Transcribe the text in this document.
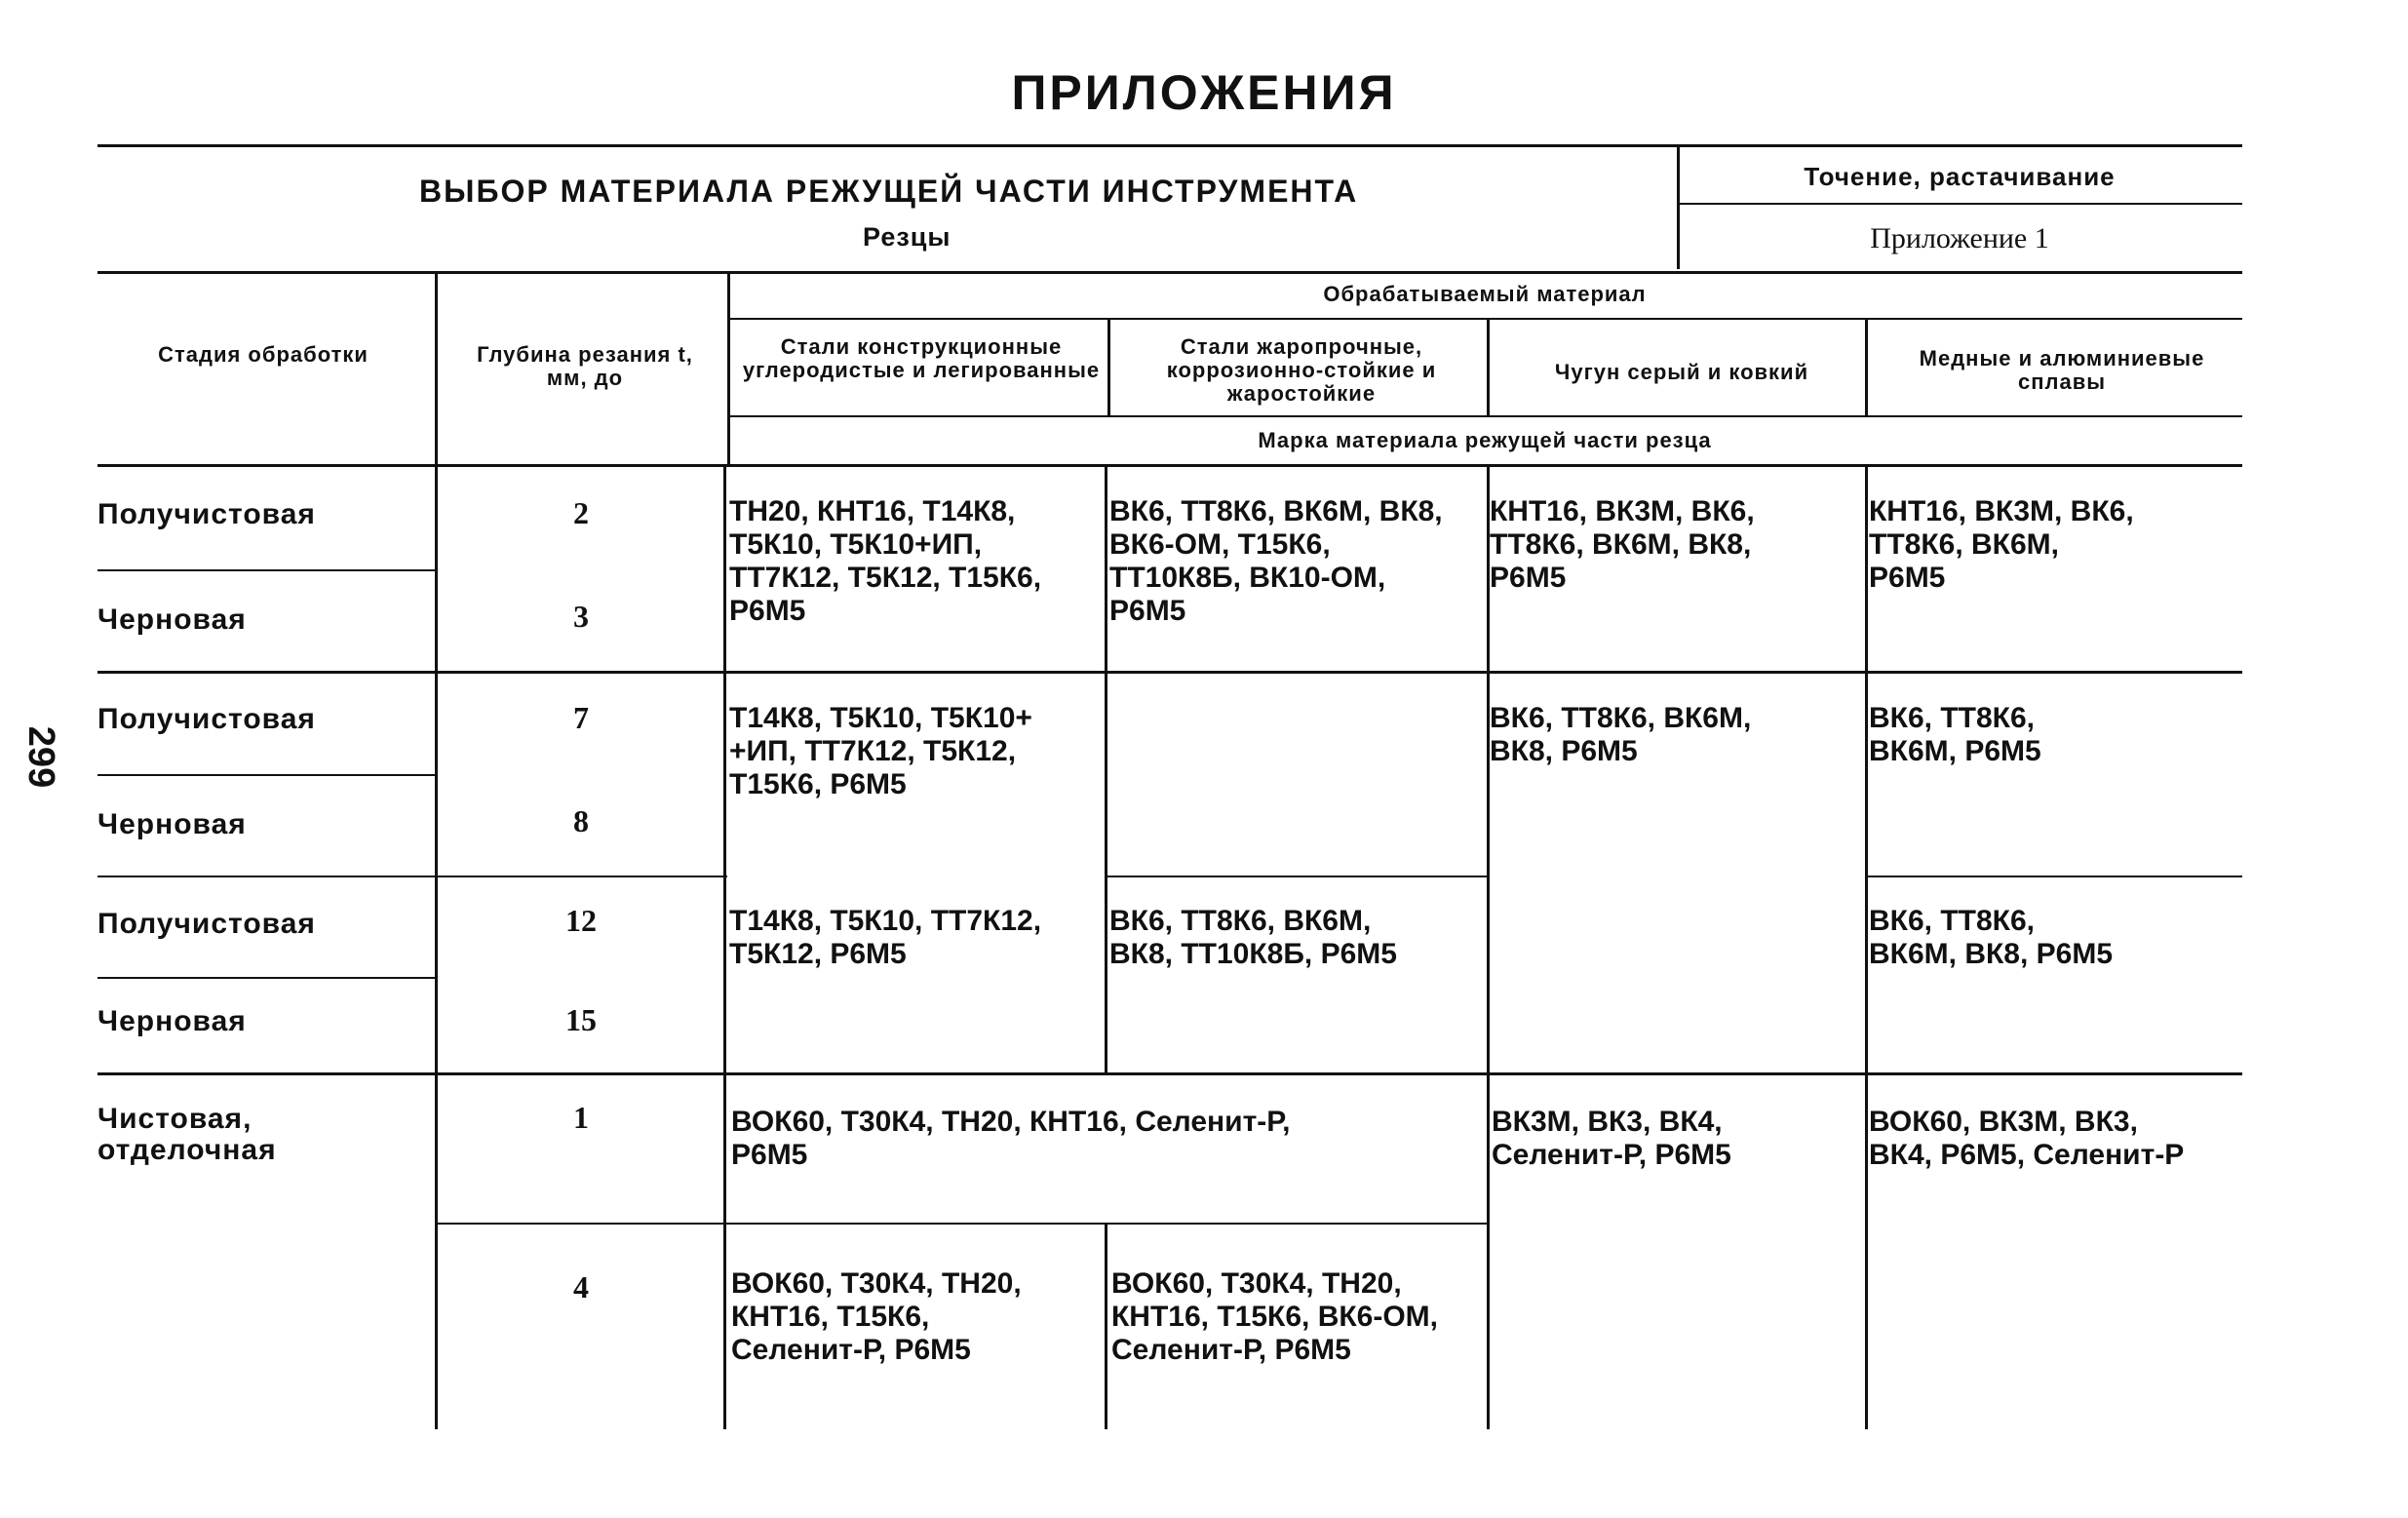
ПРИЛОЖЕНИЯ
299
ВЫБОР МАТЕРИАЛА РЕЖУЩЕЙ ЧАСТИ ИНСТРУМЕНТА
Резцы
Точение, растачивание
Приложение 1
Стадия обработки	Глубина резания t, мм, до
Обрабатываемый материал
Стали конструкционные углеродистые и легированные
Стали жаропрочные, коррозионно-стойкие и жаростойкие
Чугун серый и ковкий
Медные и алюминиевые сплавы
Марка материала режущей части резца
Получистовая
Черновая
Получистовая
Черновая
Получистовая
Черновая
Чистовая,
отделочная
2
3
7
8
12
15
1
4
ТН20, КНТ16, Т14К8,
Т5К10, Т5К10+ИП,
ТТ7К12, Т5К12, Т15К6,
Р6М5
ВК6, ТТ8К6, ВК6М, ВК8,
ВК6-ОМ, Т15К6,
ТТ10К8Б, ВК10-ОМ,
Р6М5
КНТ16, ВК3М, ВК6,
ТТ8К6, ВК6М, ВК8,
Р6М5
КНТ16, ВК3М, ВК6,
ТТ8К6, ВК6М,
Р6М5
Т14К8, Т5К10, Т5К10+
+ИП, ТТ7К12, Т5К12,
Т15К6, Р6М5
ВК6, ТТ8К6, ВК6М,
ВК8, Р6М5
ВК6, ТТ8К6,
ВК6М, Р6М5
Т14К8, Т5К10, ТТ7К12,
Т5К12, Р6М5
ВК6, ТТ8К6, ВК6М,
ВК8, ТТ10К8Б, Р6М5
ВК6, ТТ8К6,
ВК6М, ВК8, Р6М5
ВОК60, Т30К4, ТН20, КНТ16, Селенит-Р,
Р6М5
ВК3М, ВК3, ВК4,
Селенит-Р, Р6М5
ВОК60, ВК3М, ВК3,
ВК4, Р6М5, Селенит-Р
ВОК60, Т30К4, ТН20,
КНТ16, Т15К6,
Селенит-Р, Р6М5
ВОК60, Т30К4, ТН20,
КНТ16, Т15К6, ВК6-ОМ,
Селенит-Р, Р6М5
